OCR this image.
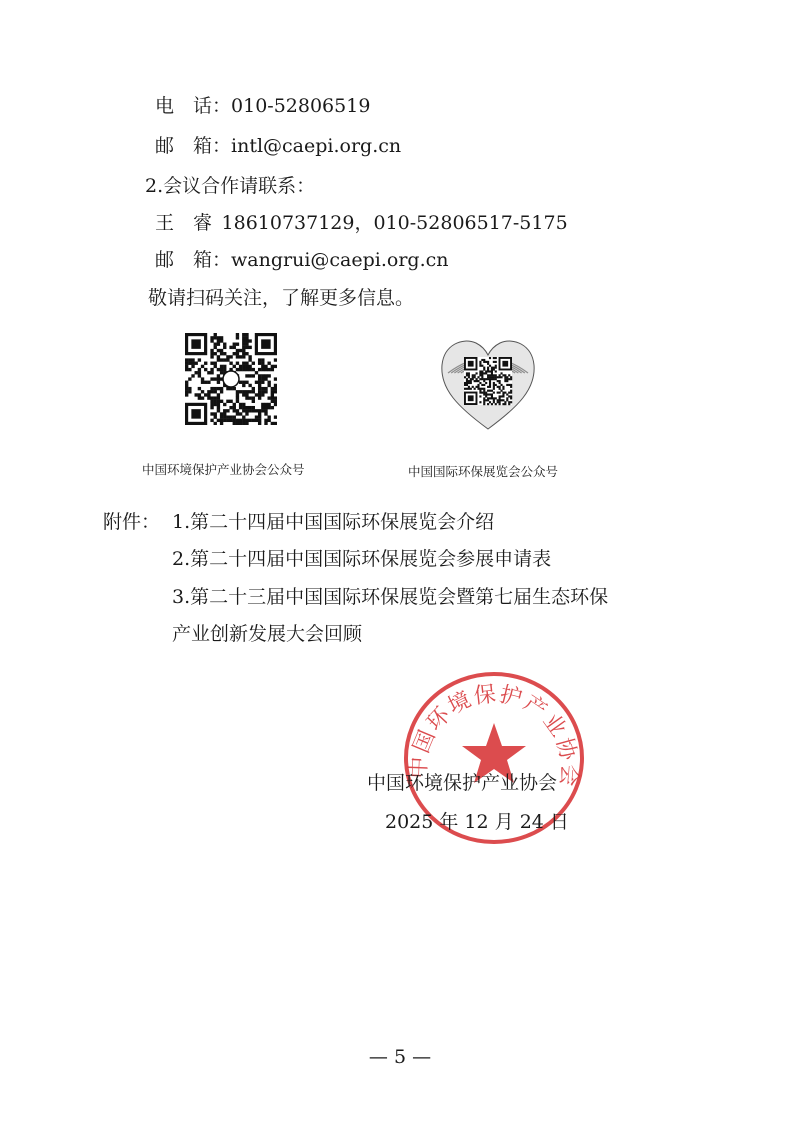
电　话：010-52806519
邮　箱：intl@caepi.org.cn
2.会议合作请联系：
王　睿  18610737129，010-52806517-5175
邮　箱：wangrui@caepi.org.cn
敬请扫码关注，了解更多信息。
中国环境保护产业协会公众号	中国国际环保展览会公众号
附件： 1.第二十四届中国国际环保展览会介绍
2.第二十四届中国国际环保展览会参展申请表
3.第二十三届中国国际环保展览会暨第七届生态环保
产业创新发展大会回顾
中国环境保护产业协会
中国环境保护产业协会
2025 年 12 月 24 日
— 5 —
